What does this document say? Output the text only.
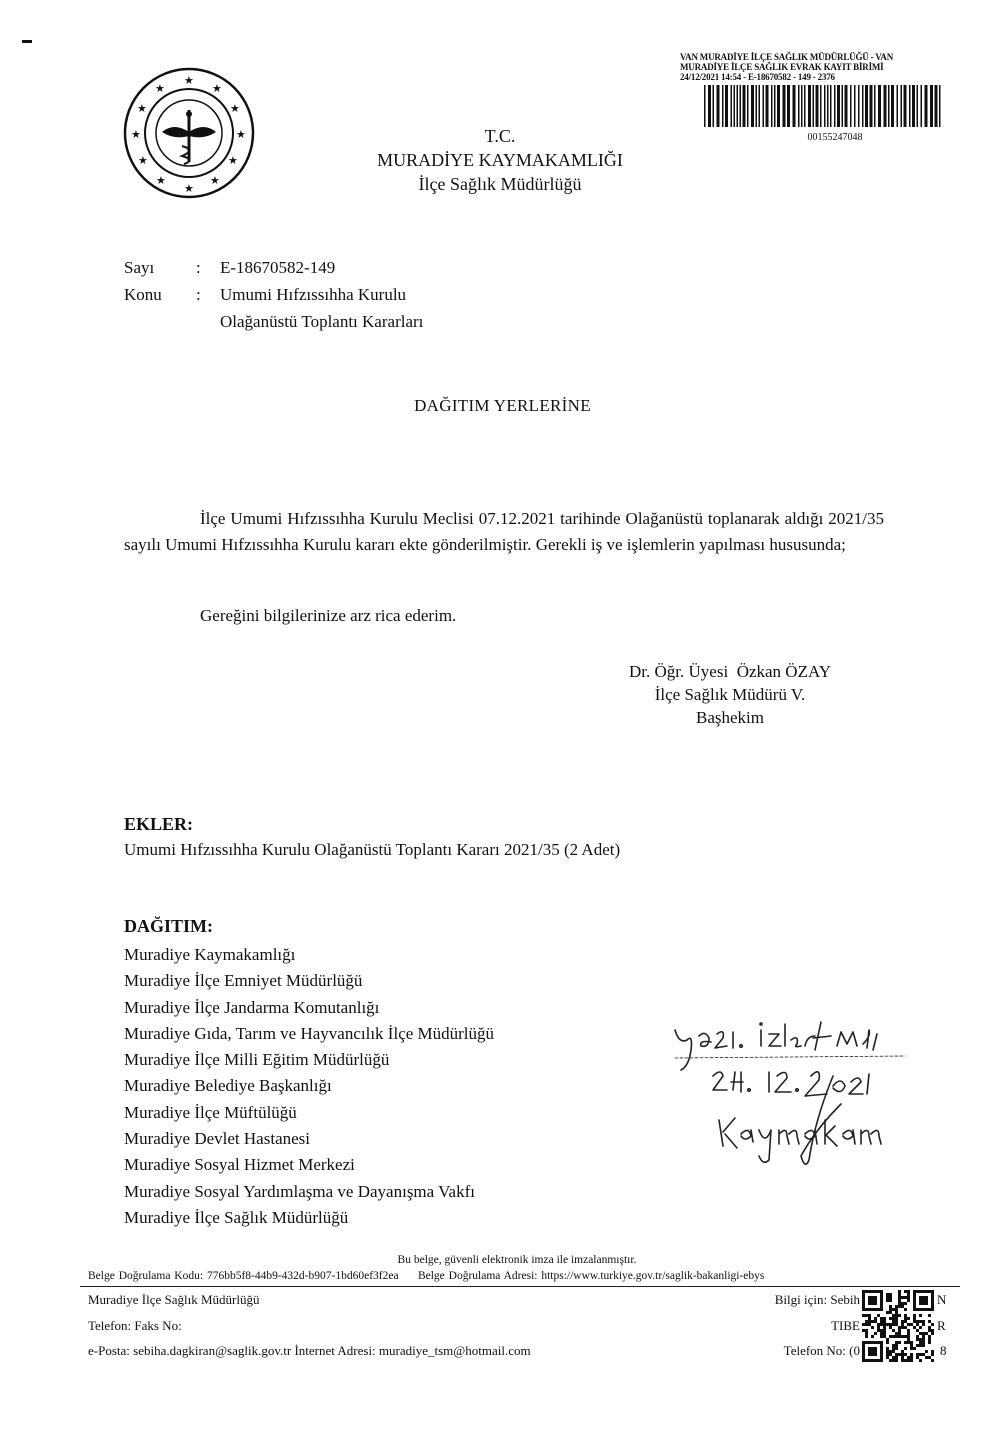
★
★
★
★
★
★
★
★
★
★
★
★
VAN MURADİYE İLÇE SAĞLIK MÜDÜRLÜĞÜ - VAN
MURADİYE İLÇE SAĞLIK EVRAK KAYIT BİRİMİ
24/12/2021 14:54 - E-18670582 - 149 - 2376
00155247048
T.C.
MURADİYE KAYMAKAMLIĞI
İlçe Sağlık Müdürlüğü
Sayı : E-18670582-149
Konu : Umumi Hıfzıssıhha Kurulu
Olağanüstü Toplantı Kararları
DAĞITIM YERLERİNE
İlçe Umumi Hıfzıssıhha Kurulu Meclisi 07.12.2021 tarihinde Olağanüstü toplanarak aldığı 2021/35 sayılı Umumi Hıfzıssıhha Kurulu kararı ekte gönderilmiştir. Gerekli iş ve işlemlerin yapılması hususunda;
Gereğini bilgilerinize arz rica ederim.
Dr. Öğr. Üyesi  Özkan ÖZAY
İlçe Sağlık Müdürü V.
Başhekim
EKLER:
Umumi Hıfzıssıhha Kurulu Olağanüstü Toplantı Kararı 2021/35 (2 Adet)
DAĞITIM:
Muradiye Kaymakamlığı
Muradiye İlçe Emniyet Müdürlüğü
Muradiye İlçe Jandarma Komutanlığı
Muradiye Gıda, Tarım ve Hayvancılık İlçe Müdürlüğü
Muradiye İlçe Milli Eğitim Müdürlüğü
Muradiye Belediye Başkanlığı
Muradiye İlçe Müftülüğü
Muradiye Devlet Hastanesi
Muradiye Sosyal Hizmet Merkezi
Muradiye Sosyal Yardımlaşma ve Dayanışma Vakfı
Muradiye İlçe Sağlık Müdürlüğü
Bu belge, güvenli elektronik imza ile imzalanmıştır.
Belge Doğrulama Kodu: 776bb5f8-44b9-432d-b907-1bd60ef3f2ea Belge Doğrulama Adresi: https://www.turkiye.gov.tr/saglik-bakanligi-ebys
Muradiye İlçe Sağlık Müdürlüğü
Telefon: Faks No:
e-Posta: sebiha.dagkiran@saglik.gov.tr İnternet Adresi: muradiye_tsm@hotmail.com
Bilgi için: Sebih
TIBE
Telefon No: (0
N
R
8
